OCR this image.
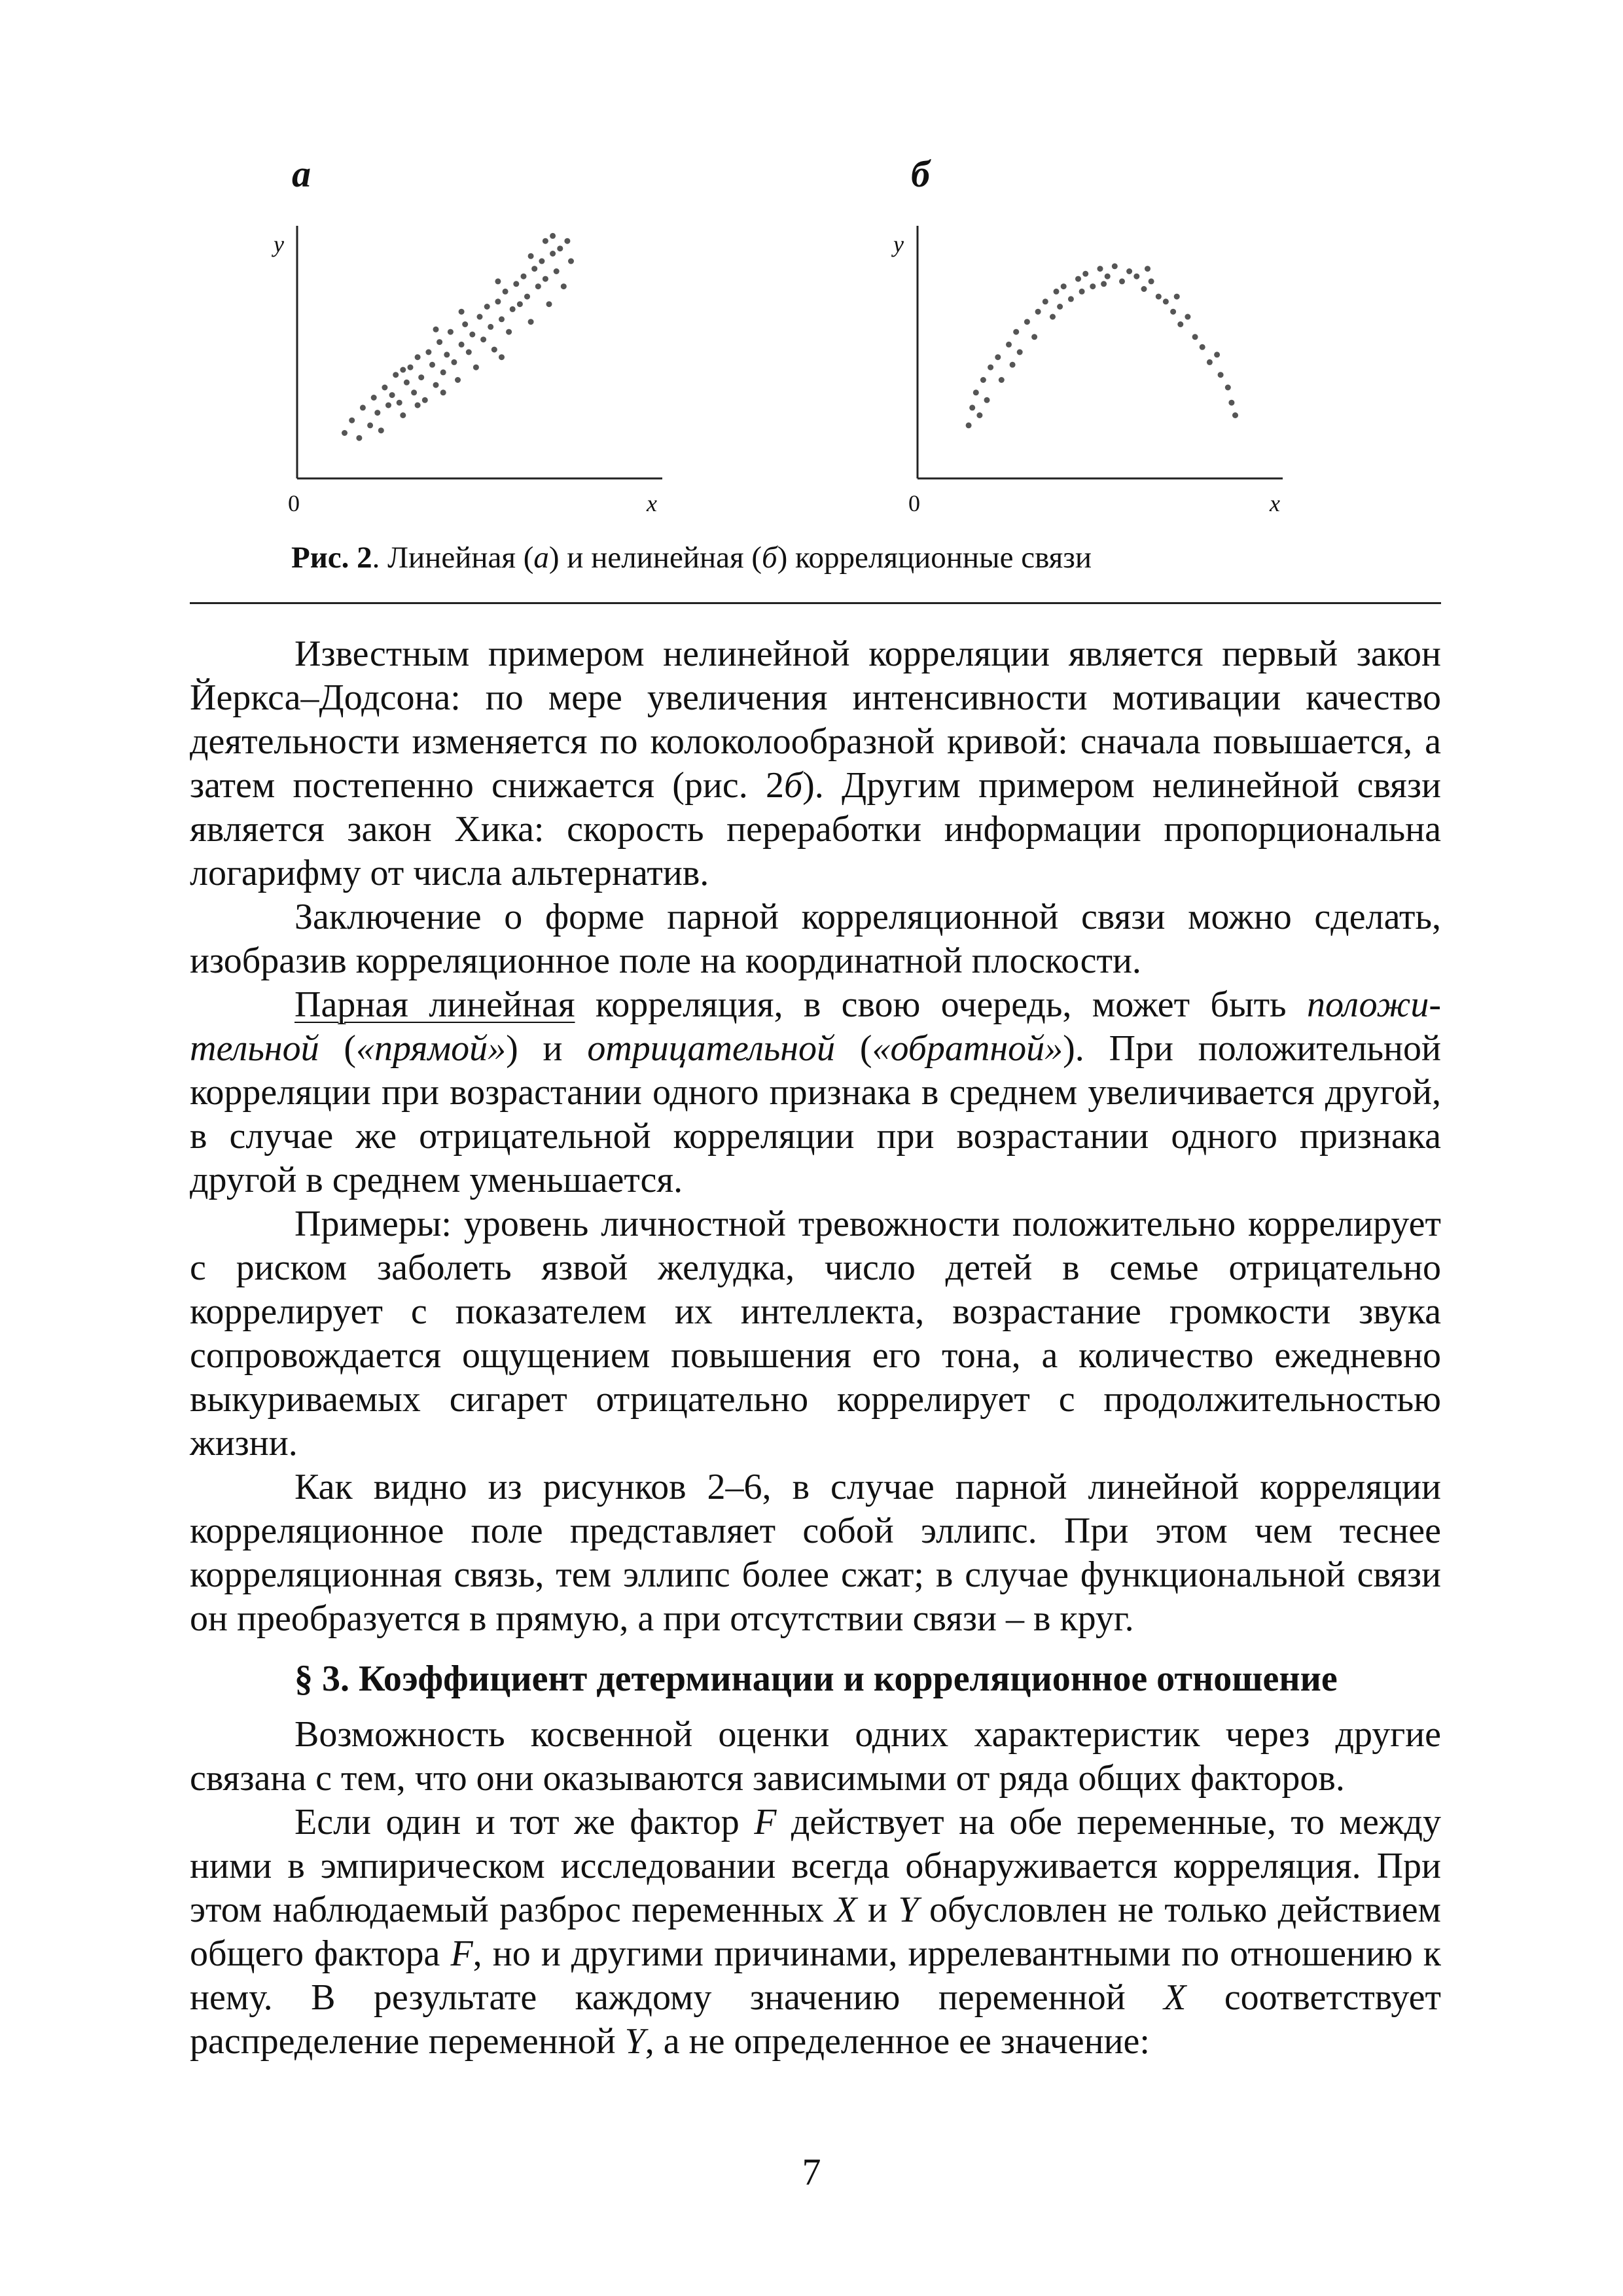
а	б
y
0	x
y
0	x
Рис. 2. Линейная (а) и нелинейная (б) корреляционные связи

Известным примером нелинейной корреляции является первый закон Йеркса–Додсона: по мере увеличения интенсивности мотивации качество деятельности изменяется по колоколообразной кривой: сначала повышается, а затем постепенно снижается (рис. 2б). Другим примером нелинейной связи является закон Хика: скорость переработки информации пропорциональна логарифму от числа альтернатив.

Заключение о форме парной корреляционной связи можно сделать, изобразив корреляционное поле на координатной плоскости.

Парная линейная корреляция, в свою очередь, может быть положительной («прямой») и отрицательной («обратной»). При положительной корреляции при возрастании одного признака в среднем увеличивается другой, в случае же отрицательной корреляции при возрастании одного признака другой в среднем уменьшается.

Примеры: уровень личностной тревожности положительно коррелирует с риском заболеть язвой желудка, число детей в семье отрицательно коррелирует с показателем их интеллекта, возрастание громкости звука сопровождается ощущением повышения его тона, а количество ежедневно выкуриваемых сигарет отрицательно коррелирует с продолжительностью жизни.

Как видно из рисунков 2–6, в случае парной линейной корреляции корреляционное поле представляет собой эллипс. При этом чем теснее корреляционная связь, тем эллипс более сжат; в случае функциональной связи он преобразуется в прямую, а при отсутствии связи – в круг.

§ 3. Коэффициент детерминации и корреляционное отношение

Возможность косвенной оценки одних характеристик через другие связана с тем, что они оказываются зависимыми от ряда общих факторов.

Если один и тот же фактор F действует на обе переменные, то между ними в эмпирическом исследовании всегда обнаруживается корреляция. При этом наблюдаемый разброс переменных X и Y обусловлен не только действием общего фактора F, но и другими причинами, иррелевантными по отношению к нему. В результате каждому значению переменной X соответствует распределение переменной Y, а не определенное ее значение:

7
